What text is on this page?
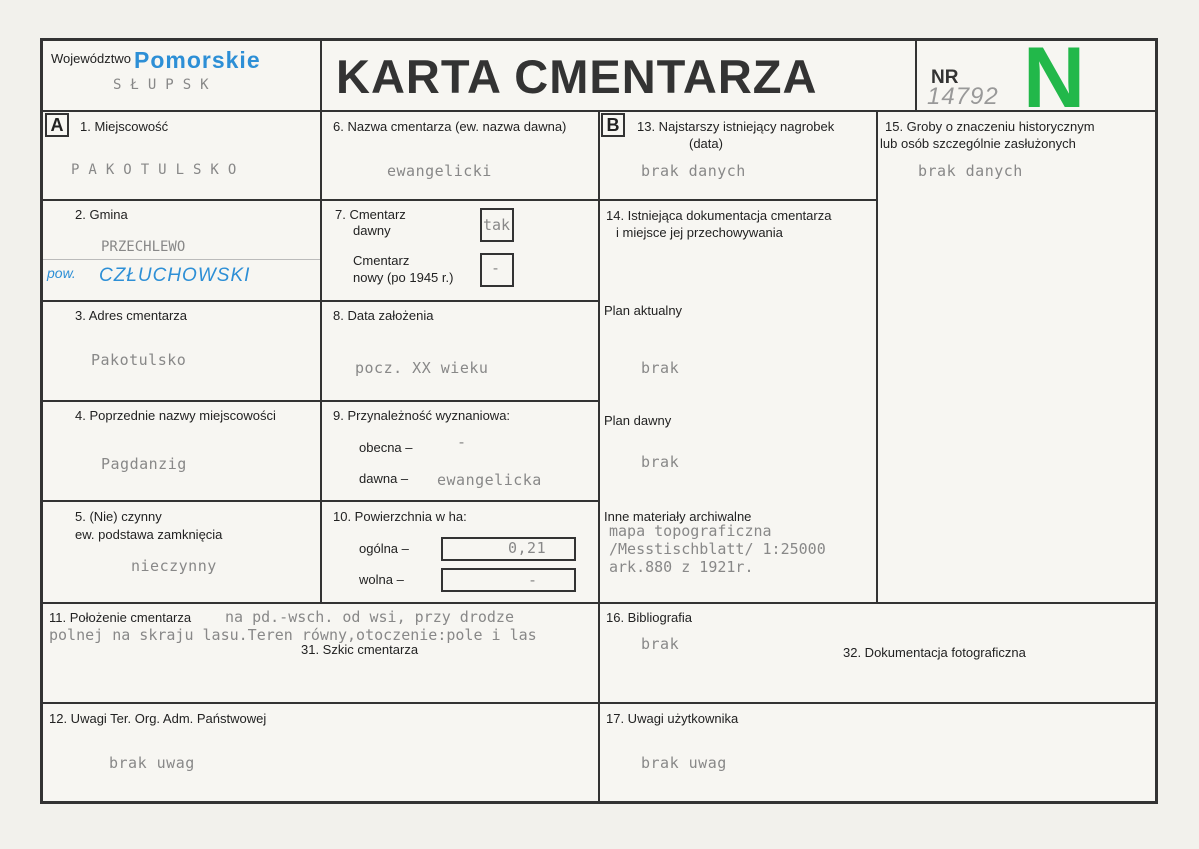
Województwo Pomorskie
SŁUPSK	KARTA CMENTARZA	NR
14792 N
A	B
1. Miejscowość
PAKOTULSKO
2. Gmina
PRZECHLEWO
pow. CZŁUCHOWSKI
3. Adres cmentarza
Pakotulsko
4. Poprzednie nazwy miejscowości
Pagdanzig
5. (Nie) czynny
ew. podstawa zamknięcia
nieczynny
6. Nazwa cmentarza (ew. nazwa dawna)
ewangelicki
7. Cmentarz
dawny	tak
Cmentarz
nowy (po 1945 r.)
-
8. Data założenia
pocz. XX wieku
9. Przynależność wyznaniowa:
obecna –	-
dawna – ewangelicka
10. Powierzchnia w ha:
ogólna –	0,21
wolna –	-
11. Położenie cmentarza na pd.-wsch. od wsi, przy drodze
polnej na skraju lasu.Teren równy,otoczenie:pole i las
31. Szkic cmentarza
12. Uwagi Ter. Org. Adm. Państwowej
brak uwag
13. Najstarszy istniejący nagrobek
(data)
brak danych
14. Istniejąca dokumentacja cmentarza
i miejsce jej przechowywania
Plan aktualny
brak
Plan dawny
brak
Inne materiały archiwalne
mapa topograficzna
/Messtischblatt/ 1:25000
ark.880 z 1921r.
15. Groby o znaczeniu historycznym
lub osób szczególnie zasłużonych
brak danych
16. Bibliografia
brak	32. Dokumentacja fotograficzna
17. Uwagi użytkownika
brak uwag
